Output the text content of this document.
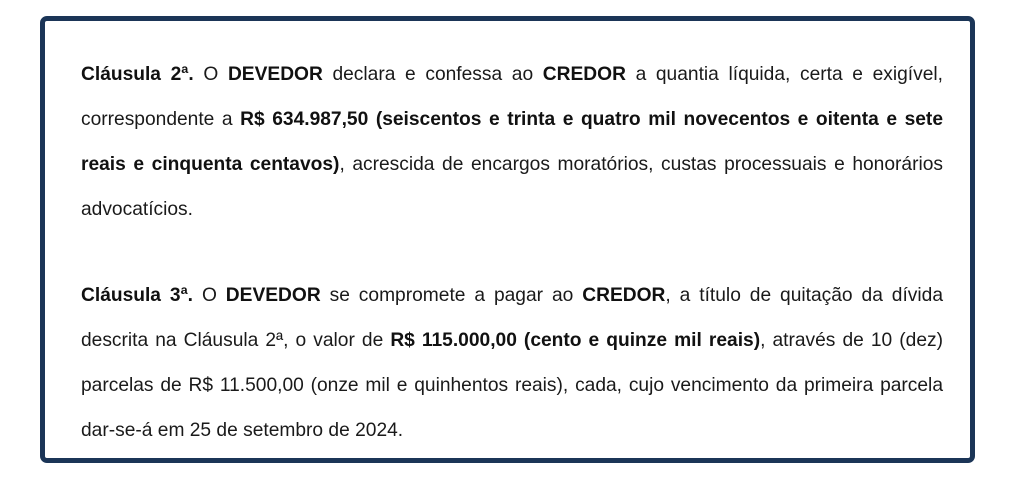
Cláusula 2ª. O DEVEDOR declara e confessa ao CREDOR a quantia líquida, certa e exigível, correspondente a R$ 634.987,50 (seiscentos e trinta e quatro mil novecentos e oitenta e sete reais e cinquenta centavos), acrescida de encargos moratórios, custas processuais e honorários advocatícios.

Cláusula 3ª. O DEVEDOR se compromete a pagar ao CREDOR, a título de quitação da dívida descrita na Cláusula 2ª, o valor de R$ 115.000,00 (cento e quinze mil reais), através de 10 (dez) parcelas de R$ 11.500,00 (onze mil e quinhentos reais), cada, cujo vencimento da primeira parcela dar-se-á em 25 de setembro de 2024.
